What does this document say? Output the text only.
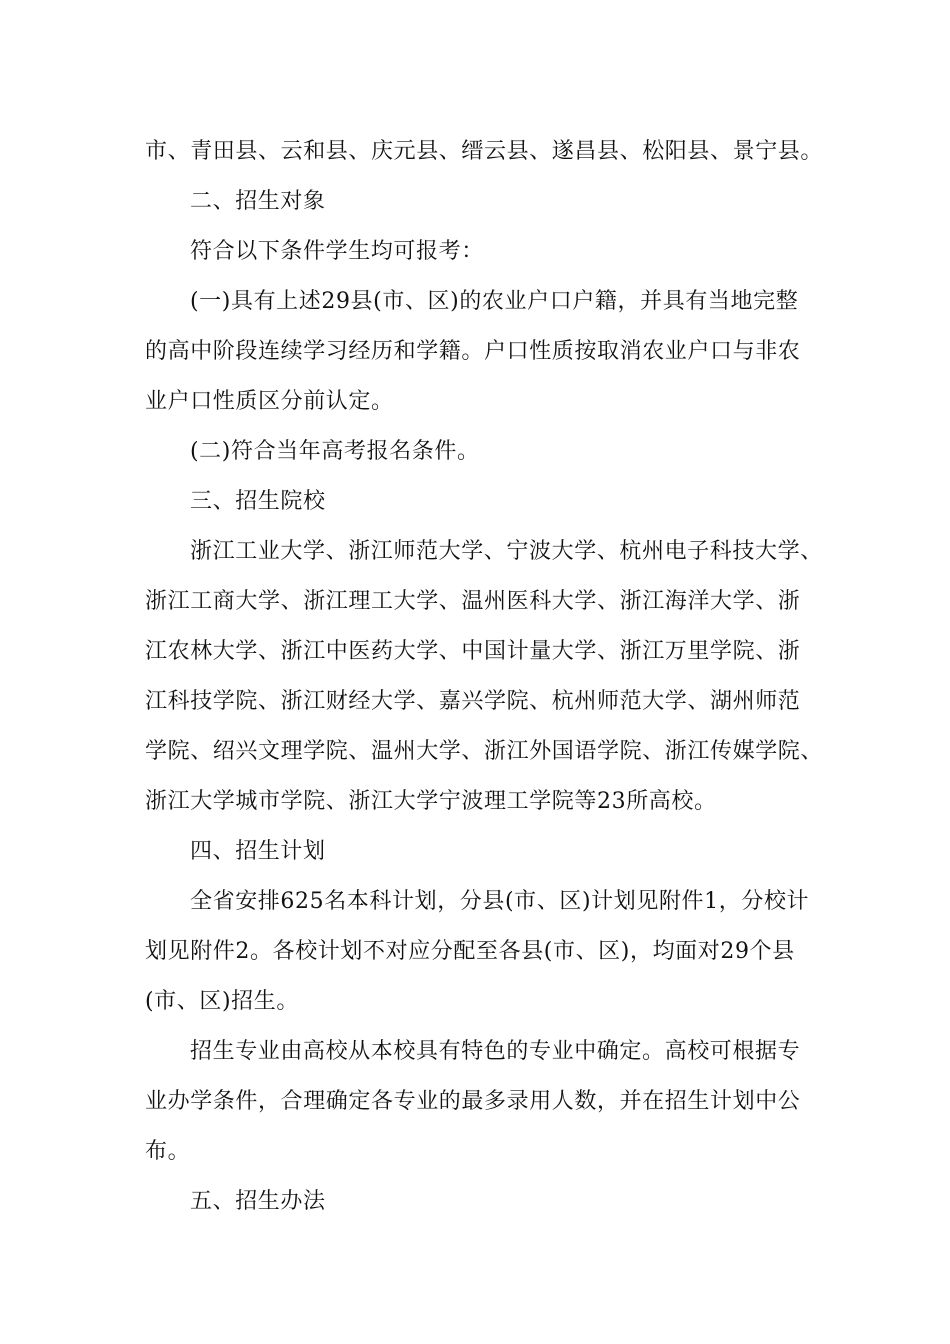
市、青田县、云和县、庆元县、缙云县、遂昌县、松阳县、景宁县。
二、招生对象
符合以下条件学生均可报考：
(一)具有上述29县(市、区)的农业户口户籍，并具有当地完整
的高中阶段连续学习经历和学籍。户口性质按取消农业户口与非农
业户口性质区分前认定。
(二)符合当年高考报名条件。
三、招生院校
浙江工业大学、浙江师范大学、宁波大学、杭州电子科技大学、
浙江工商大学、浙江理工大学、温州医科大学、浙江海洋大学、浙
江农林大学、浙江中医药大学、中国计量大学、浙江万里学院、浙
江科技学院、浙江财经大学、嘉兴学院、杭州师范大学、湖州师范
学院、绍兴文理学院、温州大学、浙江外国语学院、浙江传媒学院、
浙江大学城市学院、浙江大学宁波理工学院等23所高校。
四、招生计划
全省安排625名本科计划，分县(市、区)计划见附件1，分校计
划见附件2。各校计划不对应分配至各县(市、区)，均面对29个县
(市、区)招生。
招生专业由高校从本校具有特色的专业中确定。高校可根据专
业办学条件，合理确定各专业的最多录用人数，并在招生计划中公
布。
五、招生办法
